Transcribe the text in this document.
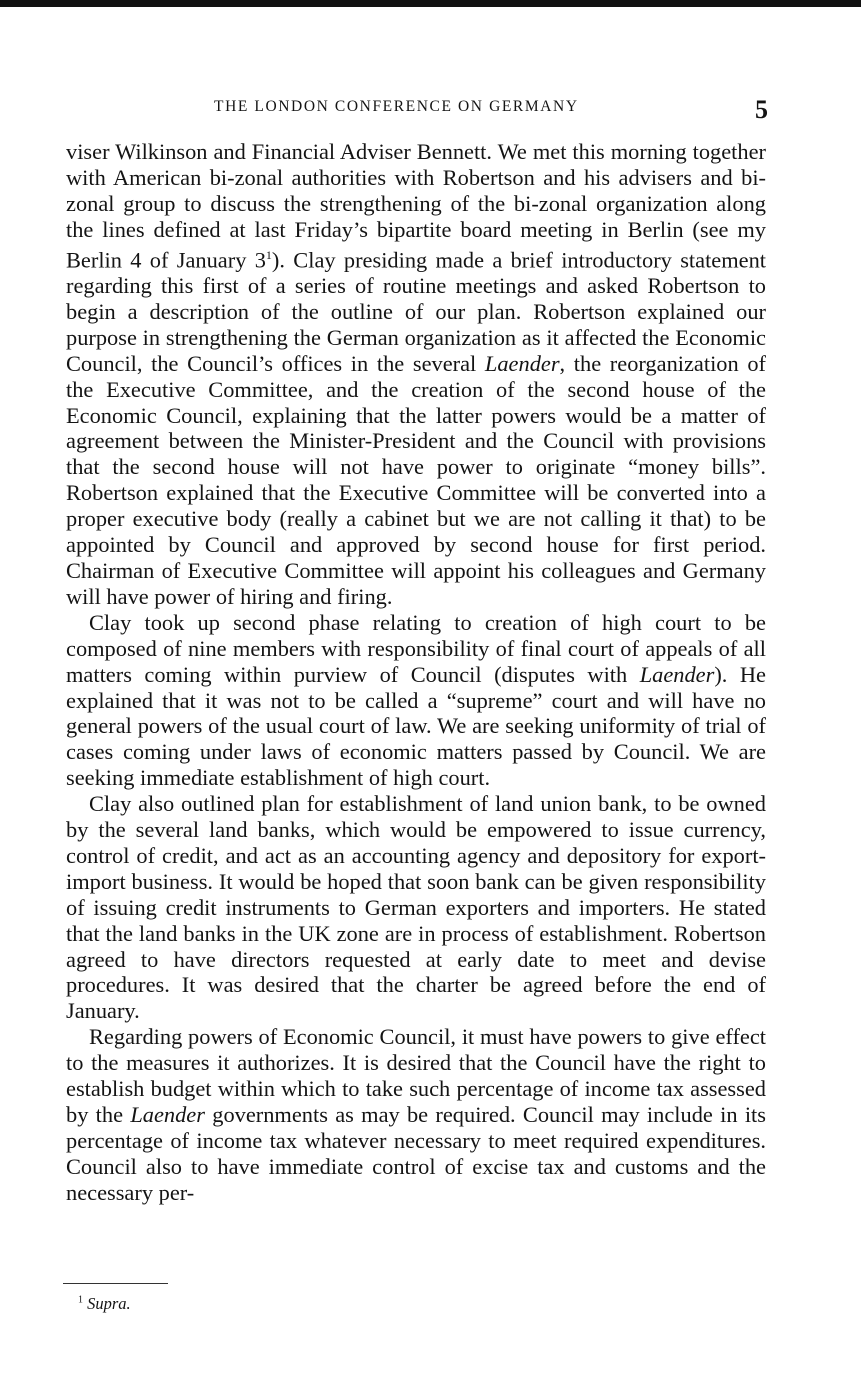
THE LONDON CONFERENCE ON GERMANY	5

viser Wilkinson and Financial Adviser Bennett. We met this morning together with American bi-zonal authorities with Robertson and his advisers and bi-zonal group to discuss the strengthening of the bi-zonal organization along the lines defined at last Friday’s bipartite board meeting in Berlin (see my Berlin 4 of January $3^1$). Clay presiding made a brief introductory statement regarding this first of a series of routine meetings and asked Robertson to begin a description of the outline of our plan. Robertson explained our purpose in strengthening the German organization as it affected the Economic Council, the Council’s offices in the several Laender, the reorganization of the Executive Committee, and the creation of the second house of the Economic Council, explaining that the latter powers would be a matter of agreement between the Minister-President and the Council with provisions that the second house will not have power to originate “money bills”. Robertson explained that the Executive Committee will be converted into a proper executive body (really a cabinet but we are not calling it that) to be appointed by Council and approved by second house for first period. Chairman of Executive Committee will appoint his colleagues and Germany will have power of hiring and firing.

Clay took up second phase relating to creation of high court to be composed of nine members with responsibility of final court of appeals of all matters coming within purview of Council (disputes with Laender). He explained that it was not to be called a “supreme” court and will have no general powers of the usual court of law. We are seeking uniformity of trial of cases coming under laws of economic matters passed by Council. We are seeking immediate establishment of high court.

Clay also outlined plan for establishment of land union bank, to be owned by the several land banks, which would be empowered to issue currency, control of credit, and act as an accounting agency and depository for export-import business. It would be hoped that soon bank can be given responsibility of issuing credit instruments to German exporters and importers. He stated that the land banks in the UK zone are in process of establishment. Robertson agreed to have directors requested at early date to meet and devise procedures. It was desired that the charter be agreed before the end of January.

Regarding powers of Economic Council, it must have powers to give effect to the measures it authorizes. It is desired that the Council have the right to establish budget within which to take such percentage of income tax assessed by the Laender governments as may be required. Council may include in its percentage of income tax whatever necessary to meet required expenditures. Council also to have immediate control of excise tax and customs and the necessary per-

$^1$ Supra.
